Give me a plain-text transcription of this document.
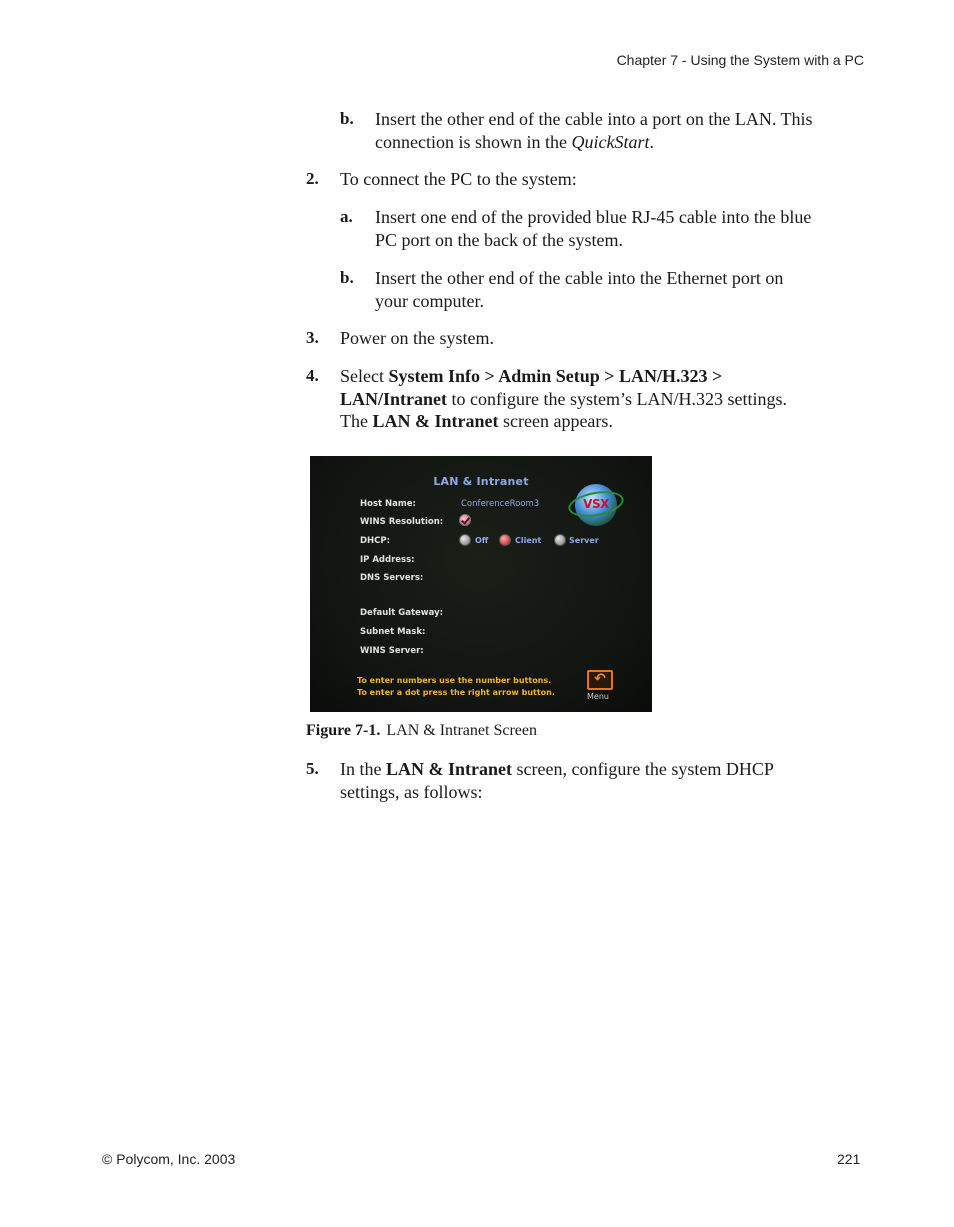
Chapter 7 - Using the System with a PC
b. Insert the other end of the cable into a port on the LAN. This
connection is shown in the QuickStart.
2. To connect the PC to the system:
a. Insert one end of the provided blue RJ-45 cable into the blue
PC port on the back of the system.
b. Insert the other end of the cable into the Ethernet port on
your computer.
3. Power on the system.
4. Select System Info > Admin Setup > LAN/H.323 >
LAN/Intranet to configure the system’s LAN/H.323 settings.
The LAN & Intranet screen appears.
LAN & Intranet
Host Name:	ConferenceRoom3
WINS Resolution:
DHCP:	Off	Client	Server
IP Address:
DNS Servers:
Default Gateway:
Subnet Mask:
WINS Server:
VSX
To enter numbers use the number buttons.
To enter a dot press the right arrow button.
↶
Menu
Figure 7-1. LAN & Intranet Screen
5. In the LAN & Intranet screen, configure the system DHCP
settings, as follows:
© Polycom, Inc. 2003	221
